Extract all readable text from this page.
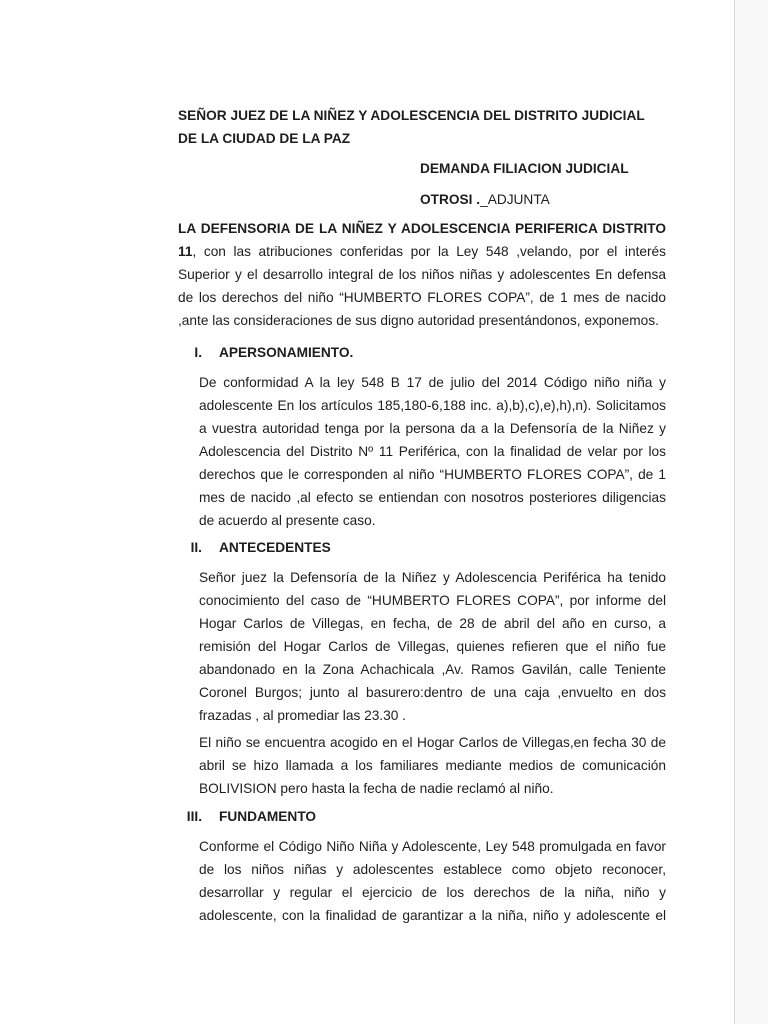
SEÑOR JUEZ DE LA NIÑEZ Y ADOLESCENCIA DEL DISTRITO JUDICIAL
DE LA CIUDAD DE LA PAZ
DEMANDA FILIACION JUDICIAL
OTROSI ._ADJUNTA
LA DEFENSORIA DE LA NIÑEZ Y ADOLESCENCIA PERIFERICA DISTRITO
11, con las atribuciones conferidas por la Ley 548 ,velando, por el interés
Superior y el desarrollo integral de los niños niñas y adolescentes En defensa
de los derechos del niño “HUMBERTO FLORES COPA”, de 1 mes de nacido
,ante las consideraciones de sus digno autoridad presentándonos, exponemos.
I. APERSONAMIENTO.
De conformidad A la ley 548 B 17 de julio del 2014 Código niño niña y
adolescente En los artículos 185,180-6,188 inc. a),b),c),e),h),n). Solicitamos
a vuestra autoridad tenga por la persona da a la Defensoría de la Niñez y
Adolescencia del Distrito Nº 11 Periférica, con la finalidad de velar por los
derechos que le corresponden al niño “HUMBERTO FLORES COPA”, de 1
mes de nacido ,al efecto se entiendan con nosotros posteriores diligencias
de acuerdo al presente caso.
II. ANTECEDENTES
Señor juez la Defensoría de la Niñez y Adolescencia Periférica ha tenido
conocimiento del caso de “HUMBERTO FLORES COPA”, por informe del
Hogar Carlos de Villegas, en fecha, de 28 de abril del año en curso, a
remisión del Hogar Carlos de Villegas, quienes refieren que el niño fue
abandonado en la Zona Achachicala ,Av. Ramos Gavilán, calle Teniente
Coronel Burgos; junto al basurero:dentro de una caja ,envuelto en dos
frazadas , al promediar las 23.30 .
El niño se encuentra acogido en el Hogar Carlos de Villegas,en fecha 30 de
abril se hizo llamada a los familiares mediante medios de comunicación
BOLIVISION pero hasta la fecha de nadie reclamó al niño.
III. FUNDAMENTO
Conforme el Código Niño Niña y Adolescente, Ley 548 promulgada en favor
de los niños niñas y adolescentes establece como objeto reconocer,
desarrollar y regular el ejercicio de los derechos de la niña, niño y
adolescente, con la finalidad de garantizar a la niña, niño y adolescente el
